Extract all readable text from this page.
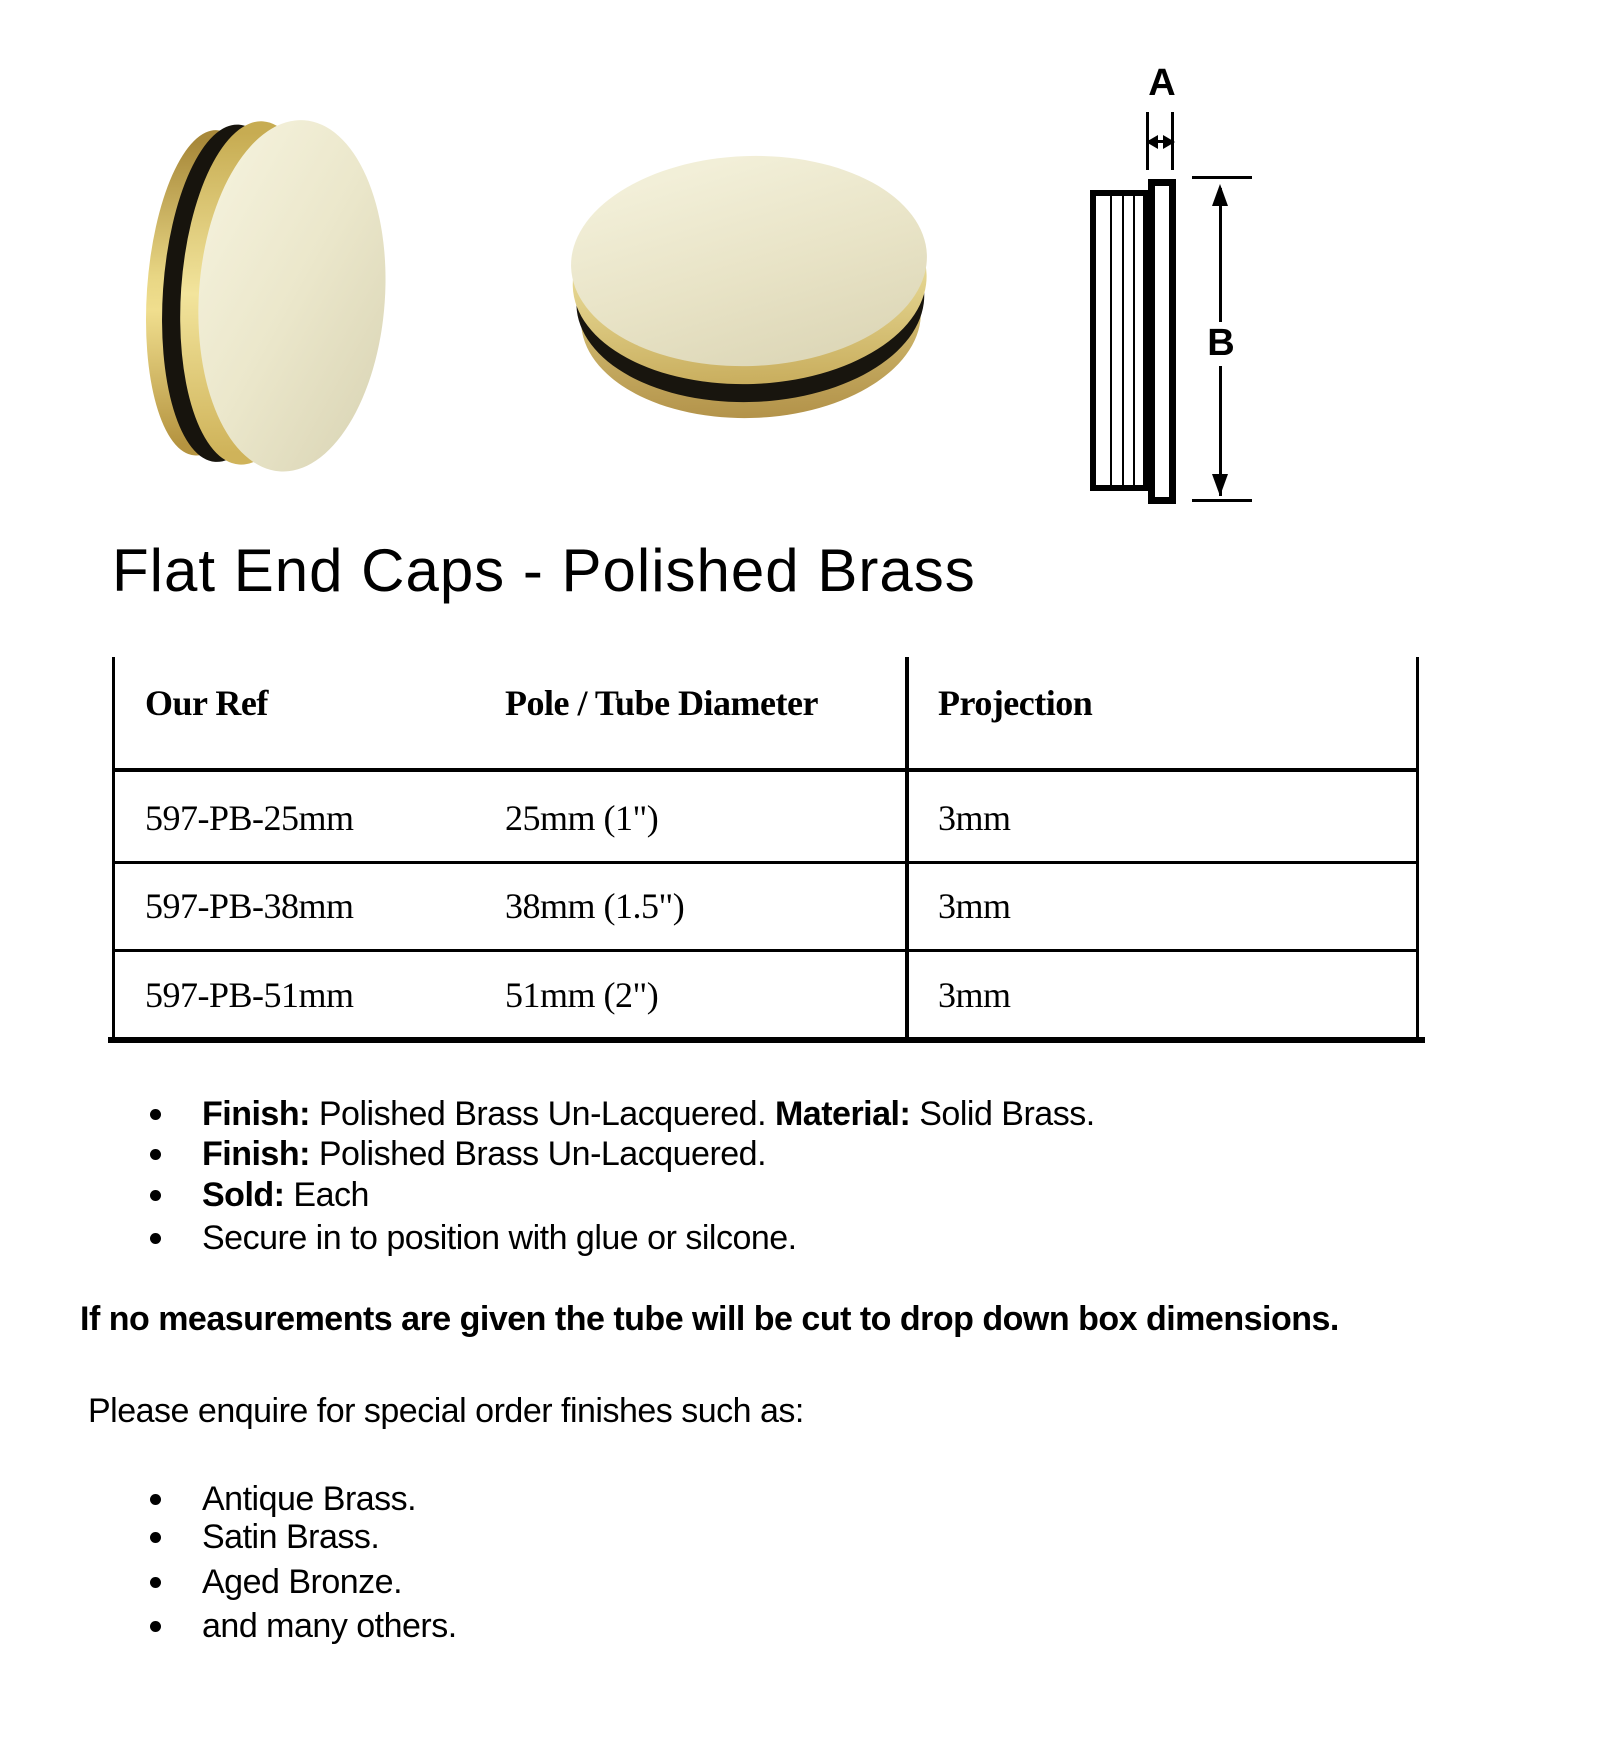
A
B
Flat End Caps - Polished Brass
Our Ref	Pole / Tube Diameter	Projection
597-PB-25mm	25mm (1")	3mm
597-PB-38mm	38mm (1.5")	3mm
597-PB-51mm	51mm (2")	3mm
Finish: Polished Brass Un-Lacquered. Material: Solid Brass.
Finish: Polished Brass Un-Lacquered.
Sold: Each
Secure in to position with glue or silcone.
If no measurements are given the tube will be cut to drop down box dimensions.
Please enquire for special order finishes such as:
Antique Brass.
Satin Brass.
Aged Bronze.
and many others.
